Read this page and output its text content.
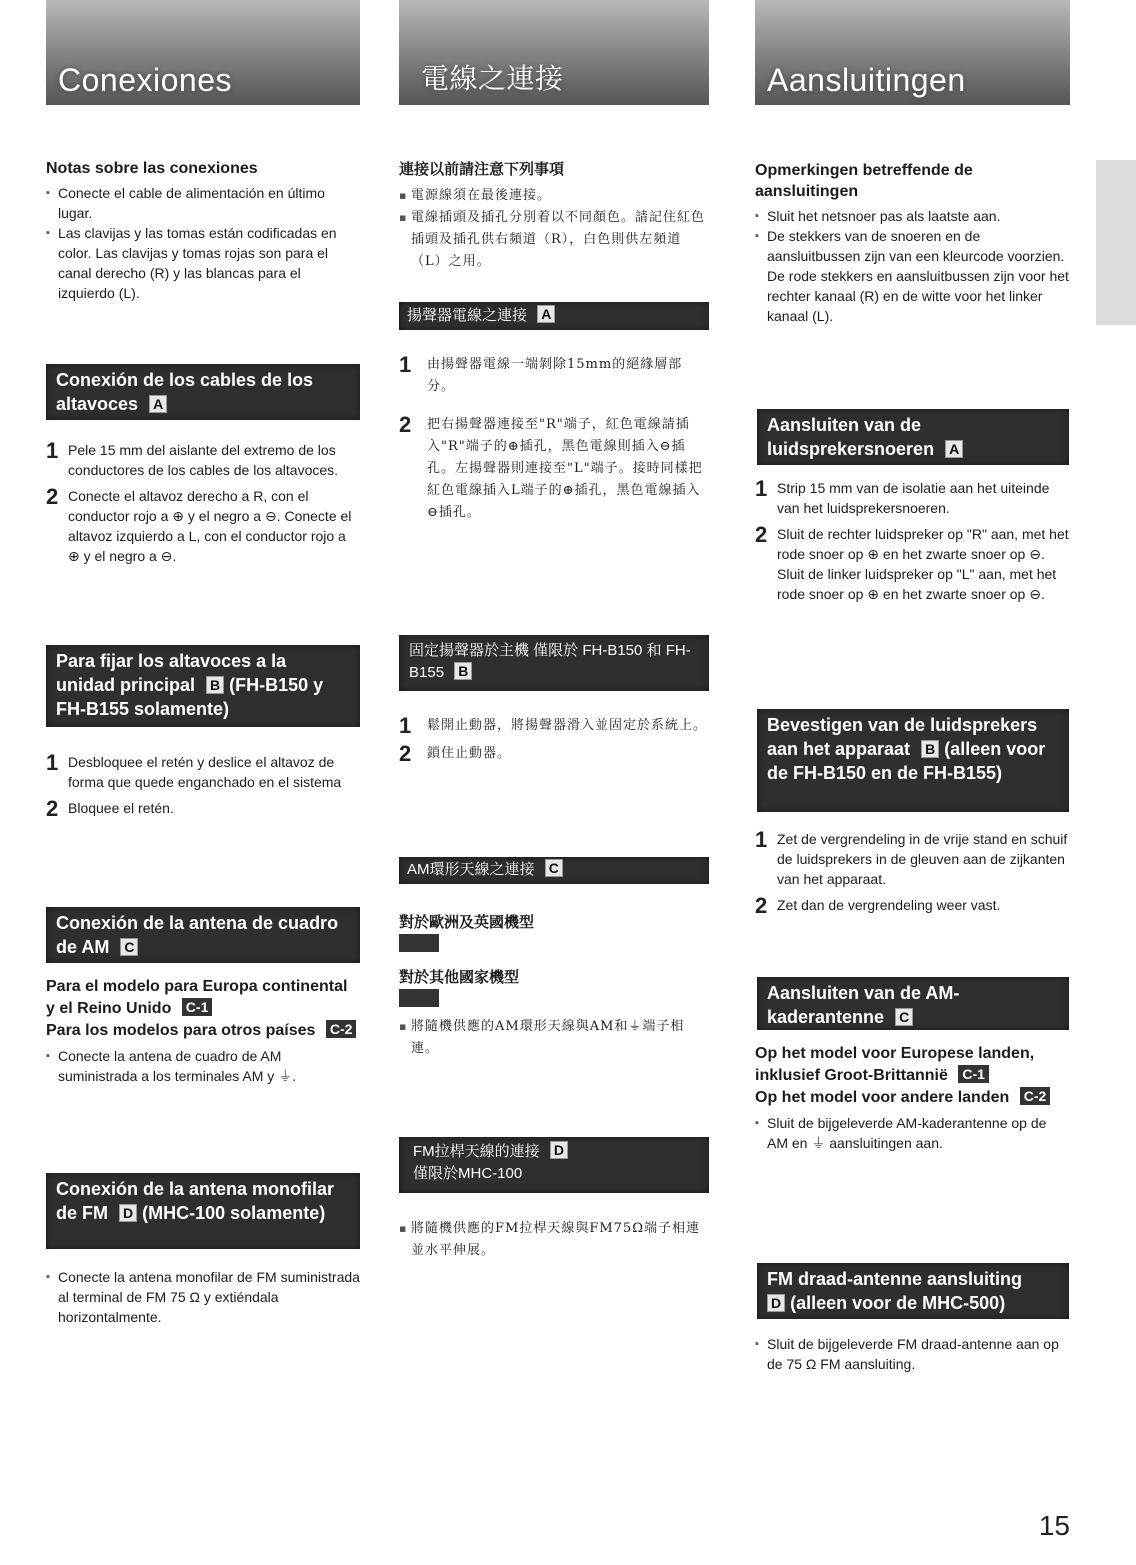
Conexiones
Notas sobre las conexiones
▪ Conecte el cable de alimentación en último lugar.
▪ Las clavijas y las tomas están codificadas en color. Las clavijas y tomas rojas son para el canal derecho (R) y las blancas para el izquierdo (L).
Conexión de los cables de los altavoces A
1 Pele 15 mm del aislante del extremo de los conductores de los cables de los altavoces.
2 Conecte el altavoz derecho a R, con el conductor rojo a ⊕ y el negro a ⊖. Conecte el altavoz izquierdo a L, con el conductor rojo a ⊕ y el negro a ⊖.
Para fijar los altavoces a la unidad principal B (FH-B150 y FH-B155 solamente)
1 Desbloquee el retén y deslice el altavoz de forma que quede enganchado en el sistema
2 Bloquee el retén.
Conexión de la antena de cuadro de AM C
Para el modelo para Europa continental y el Reino Unido C-1
Para los modelos para otros países C-2
▪ Conecte la antena de cuadro de AM suministrada a los terminales AM y ⏚.
Conexión de la antena monofilar de FM D (MHC-100 solamente)
▪ Conecte la antena monofilar de FM suministrada al terminal de FM 75 Ω y extiéndala horizontalmente.
電線之連接
連接以前請注意下列事項
▪ 電源線須在最後連接。
▪ 電線插頭及插孔分別着以不同顏色。請記住紅色插頭及插孔供右頻道（R），白色則供左頻道（L）之用。
揚聲器電線之連接 A
1 由揚聲器電線一端剝除15mm的絕緣層部分。
2 把右揚聲器連接至"R"端子，紅色電線請插入"R"端子的⊕插孔，黑色電線則插入⊖插孔。左揚聲器則連接至"L"端子。接時同樣把紅色電線插入L端子的⊕插孔，黑色電線插入⊖插孔。
固定揚聲器於主機 僅限於 FH-B150 和 FH-B155 B
1 鬆開止動器，將揚聲器滑入並固定於系統上。
2 鎖住止動器。
AM環形天線之連接 C
對於歐洲及英國機型
對於其他國家機型
▪ 將隨機供應的AM環形天線與AM和⏚端子相連。
FM拉桿天線的連接 D
僅限於MHC-100
▪ 將隨機供應的FM拉桿天線與FM75Ω端子相連並水平伸展。
Aansluitingen
Opmerkingen betreffende de aansluitingen
▪ Sluit het netsnoer pas als laatste aan.
▪ De stekkers van de snoeren en de aansluitbussen zijn van een kleurcode voorzien. De rode stekkers en aansluitbussen zijn voor het rechter kanaal (R) en de witte voor het linker kanaal (L).
Aansluiten van de luidsprekersnoeren A
1 Strip 15 mm van de isolatie aan het uiteinde van het luidsprekersnoeren.
2 Sluit de rechter luidspreker op "R" aan, met het rode snoer op ⊕ en het zwarte snoer op ⊖. Sluit de linker luidspreker op "L" aan, met het rode snoer op ⊕ en het zwarte snoer op ⊖.
Bevestigen van de luidsprekers aan het apparaat B (alleen voor de FH-B150 en de FH-B155)
1 Zet de vergrendeling in de vrije stand en schuif de luidsprekers in de gleuven aan de zijkanten van het apparaat.
2 Zet dan de vergrendeling weer vast.
Aansluiten van de AM-kaderantenne C
Op het model voor Europese landen, inklusief Groot-Brittannië C-1
Op het model voor andere landen C-2
▪ Sluit de bijgeleverde AM-kaderantenne op de AM en ⏚ aansluitingen aan.
FM draad-antenne aansluiting
D (alleen voor de MHC-500)
▪ Sluit de bijgeleverde FM draad-antenne aan op de 75 Ω FM aansluiting.
15
